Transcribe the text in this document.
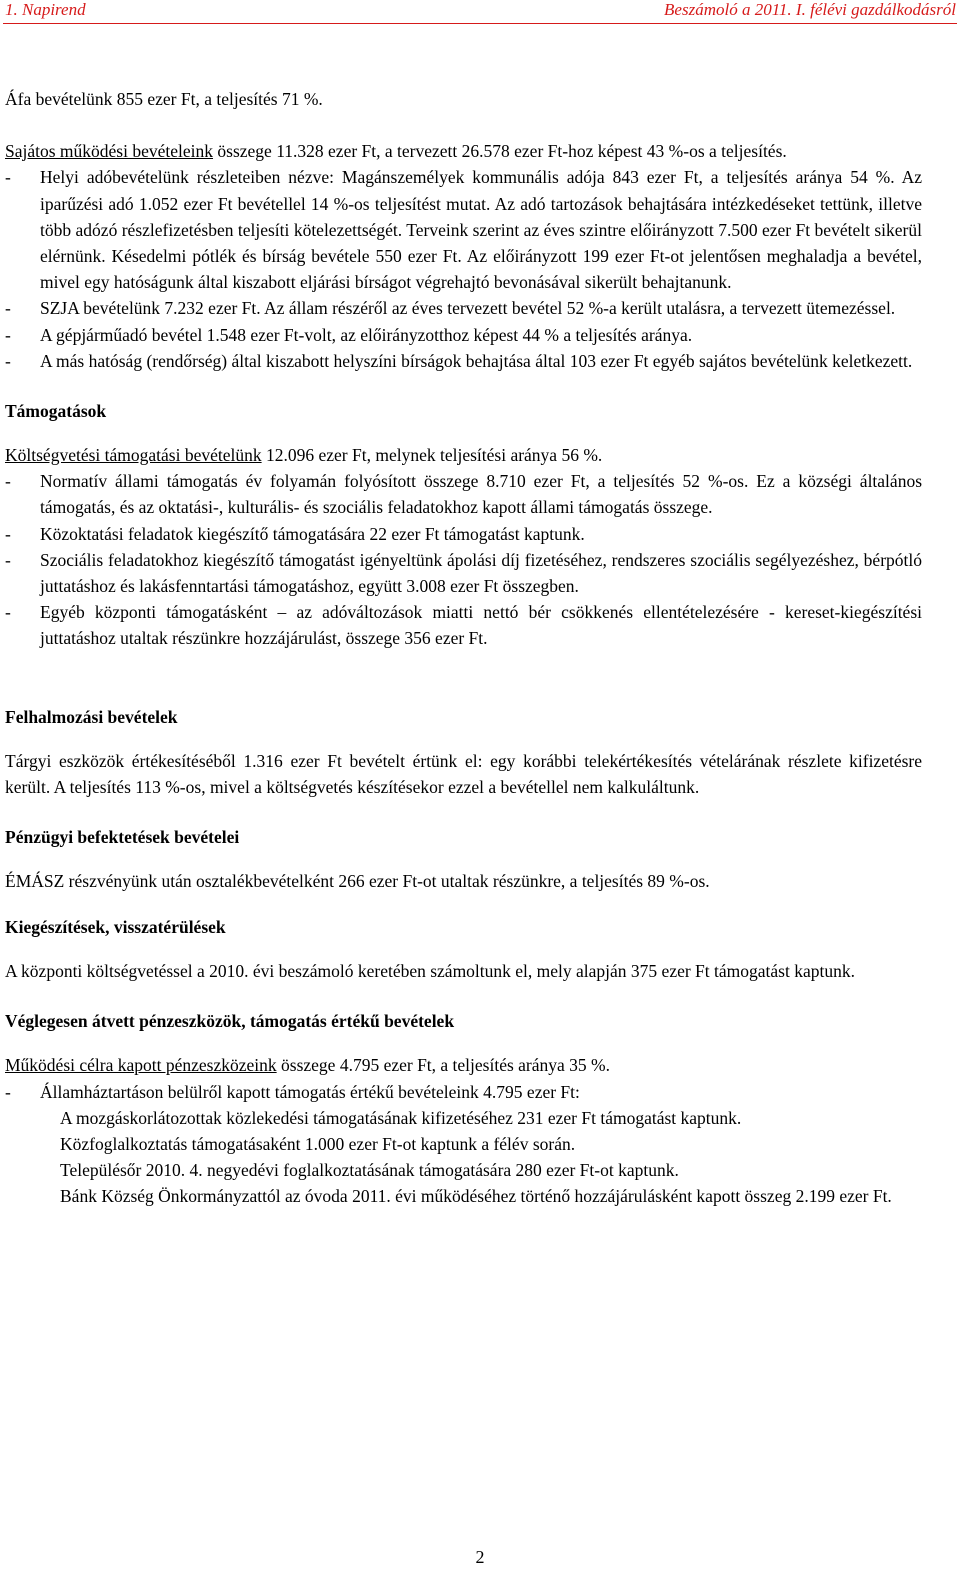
1. Napirend	Beszámoló a 2011. I. félévi gazdálkodásról

Áfa bevételünk 855 ezer Ft, a teljesítés 71 %.

Sajátos működési bevételeink összege 11.328 ezer Ft, a tervezett 26.578 ezer Ft-hoz képest 43 %-os a teljesítés.

- Helyi adóbevételünk részleteiben nézve: Magánszemélyek kommunális adója 843 ezer Ft, a teljesítés aránya 54 %. Az iparűzési adó 1.052 ezer Ft bevétellel 14 %-os teljesítést mutat. Az adó tartozások behajtására intézkedéseket tettünk, illetve több adózó részlefizetésben teljesíti kötelezettségét. Terveink szerint az éves szintre előirányzott 7.500 ezer Ft bevételt sikerül elérnünk. Késedelmi pótlék és bírság bevétele 550 ezer Ft. Az előirányzott 199 ezer Ft-ot jelentősen meghaladja a bevétel, mivel egy hatóságunk által kiszabott eljárási bírságot végrehajtó bevonásával sikerült behajtanunk.
- SZJA bevételünk 7.232 ezer Ft. Az állam részéről az éves tervezett bevétel 52 %-a került utalásra, a tervezett ütemezéssel.
- A gépjárműadó bevétel 1.548 ezer Ft-volt, az előirányzotthoz képest 44 % a teljesítés aránya.
- A más hatóság (rendőrség) által kiszabott helyszíni bírságok behajtása által 103 ezer Ft egyéb sajátos bevételünk keletkezett.
Támogatások

Költségvetési támogatási bevételünk 12.096 ezer Ft, melynek teljesítési aránya 56 %.

- Normatív állami támogatás év folyamán folyósított összege 8.710 ezer Ft, a teljesítés 52 %-os. Ez a községi általános támogatás, és az oktatási-, kulturális- és szociális feladatokhoz kapott állami támogatás összege.
- Közoktatási feladatok kiegészítő támogatására 22 ezer Ft támogatást kaptunk.
- Szociális feladatokhoz kiegészítő támogatást igényeltünk ápolási díj fizetéséhez, rendszeres szociális segélyezéshez, bérpótló juttatáshoz és lakásfenntartási támogatáshoz, együtt 3.008 ezer Ft összegben.
- Egyéb központi támogatásként – az adóváltozások miatti nettó bér csökkenés ellentételezésére - kereset-kiegészítési juttatáshoz utaltak részünkre hozzájárulást, összege 356 ezer Ft.
Felhalmozási bevételek

Tárgyi eszközök értékesítéséből 1.316 ezer Ft bevételt értünk el: egy korábbi telekértékesítés vételárának részlete kifizetésre került. A teljesítés 113 %-os, mivel a költségvetés készítésekor ezzel a bevétellel nem kalkuláltunk.

Pénzügyi befektetések bevételei

ÉMÁSZ részvényünk után osztalékbevételként 266 ezer Ft-ot utaltak részünkre, a teljesítés 89 %-os.

Kiegészítések, visszatérülések

A központi költségvetéssel a 2010. évi beszámoló keretében számoltunk el, mely alapján 375 ezer Ft támogatást kaptunk.

Véglegesen átvett pénzeszközök, támogatás értékű bevételek

Működési célra kapott pénzeszközeink összege 4.795 ezer Ft, a teljesítés aránya 35 %.

- Államháztartáson belülről kapott támogatás értékű bevételeink 4.795 ezer Ft:

A mozgáskorlátozottak közlekedési támogatásának kifizetéséhez 231 ezer Ft támogatást kaptunk.

Közfoglalkoztatás támogatásaként 1.000 ezer Ft-ot kaptunk a félév során.

Településőr 2010. 4. negyedévi foglalkoztatásának támogatására 280 ezer Ft-ot kaptunk.

Bánk Község Önkormányzattól az óvoda 2011. évi működéséhez történő hozzájárulásként kapott összeg 2.199 ezer Ft.

2
